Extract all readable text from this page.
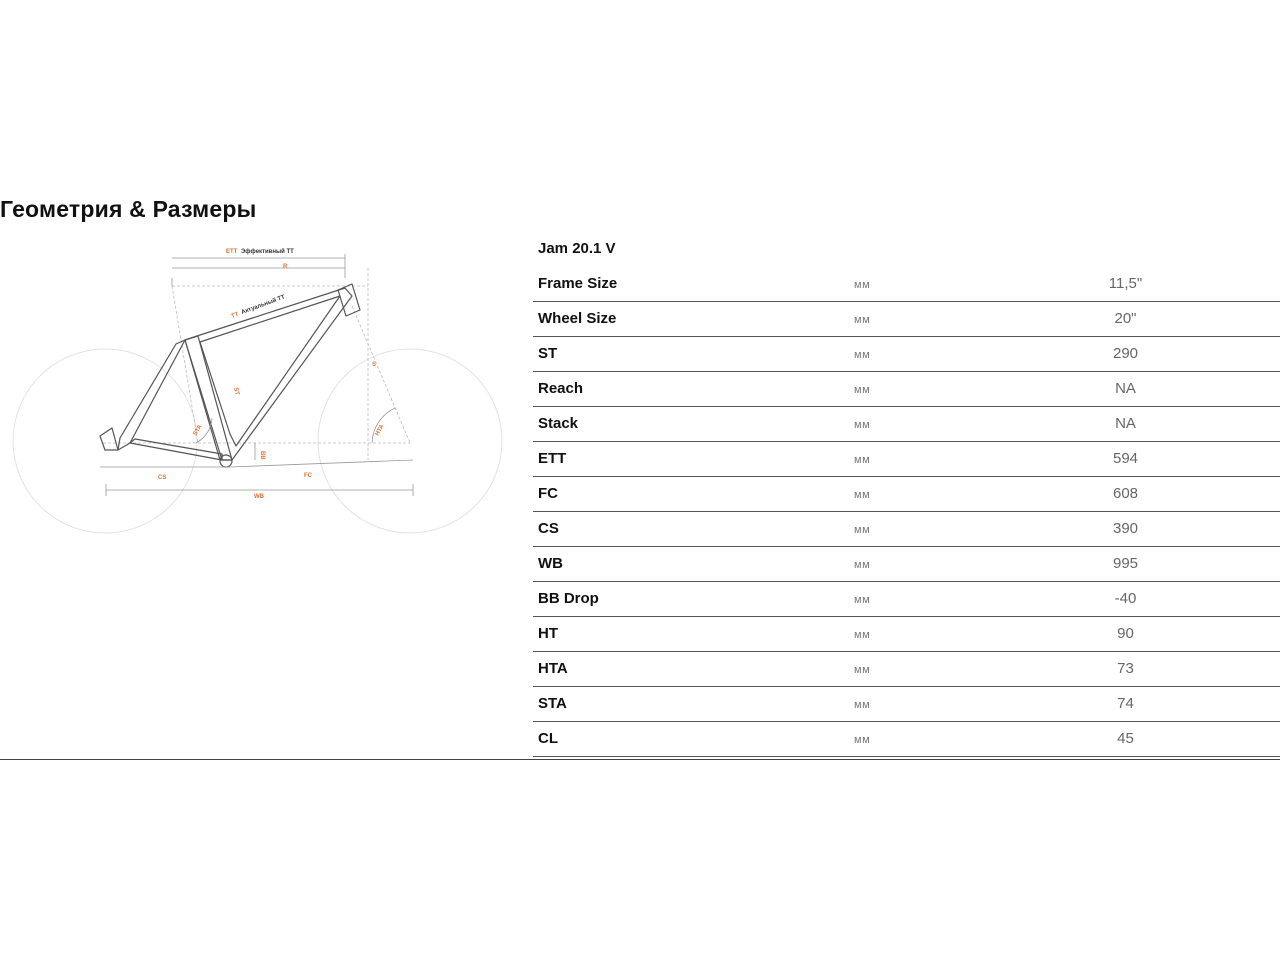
Геометрия & Размеры
ETT Эффективный TT
R
TT Актуальный TT
S
ST
STA	HTA
BB
CS	FC
WB
Jam 20.1 V
Frame Size	мм	11,5"
Wheel Size	мм	20"
ST	мм	290
Reach	мм	NA
Stack	мм	NA
ETT	мм	594
FC	мм	608
CS	мм	390
WB	мм	995
BB Drop	мм	-40
HT	мм	90
HTA	мм	73
STA	мм	74
CL	мм	45
